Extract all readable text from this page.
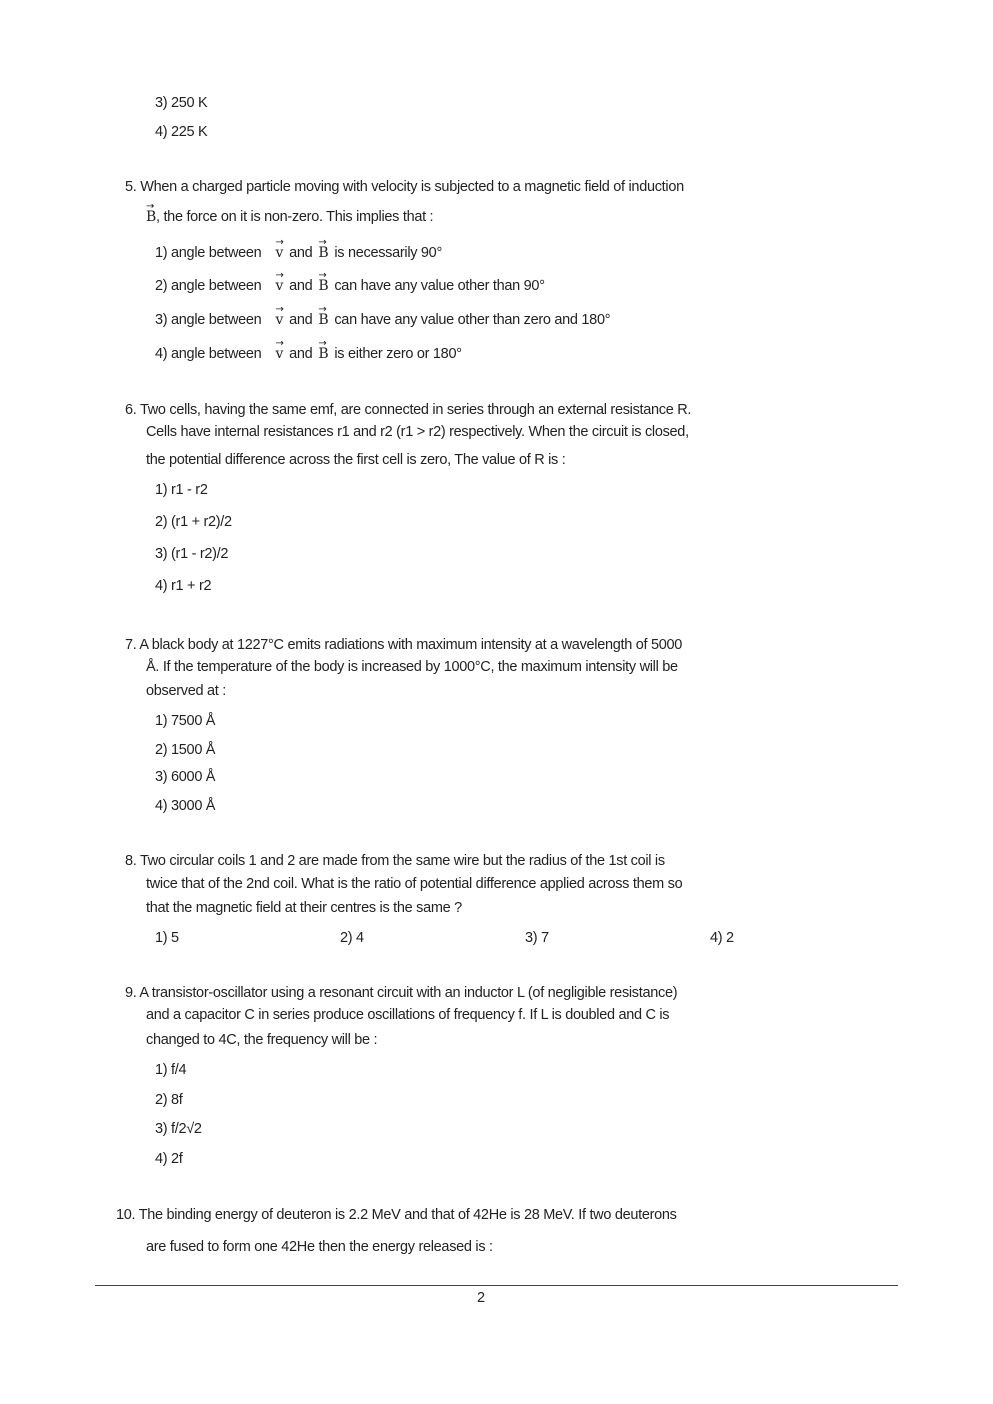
3) 250 K
4) 225 K
5. When a charged particle moving with velocity is subjected to a magnetic field of induction
→ B, the force on it is non-zero. This implies that :
1) angle between → v and → B is necessarily 90°
2) angle between → v and → B can have any value other than 90°
3) angle between → v and → B can have any value other than zero and 180°
4) angle between → v and → B is either zero or 180°
6. Two cells, having the same emf, are connected in series through an external resistance R.
Cells have internal resistances r1 and r2 (r1 > r2) respectively. When the circuit is closed,
the potential difference across the first cell is zero, The value of R is :
1) r1 - r2
2) (r1 + r2)/2
3) (r1 - r2)/2
4) r1 + r2
7. A black body at 1227°C emits radiations with maximum intensity at a wavelength of 5000
Å. If the temperature of the body is increased by 1000°C, the maximum intensity will be
observed at :
1) 7500 Å
2) 1500 Å
3) 6000 Å
4) 3000 Å
8. Two circular coils 1 and 2 are made from the same wire but the radius of the 1st coil is
twice that of the 2nd coil. What is the ratio of potential difference applied across them so
that the magnetic field at their centres is the same ?
1) 5	2) 4	3) 7	4) 2
9. A transistor-oscillator using a resonant circuit with an inductor L (of negligible resistance)
and a capacitor C in series produce oscillations of frequency f. If L is doubled and C is
changed to 4C, the frequency will be :
1) f/4
2) 8f
3) f/2√2
4) 2f
10. The binding energy of deuteron is 2.2 MeV and that of 42He is 28 MeV. If two deuterons
are fused to form one 42He then the energy released is :
2
